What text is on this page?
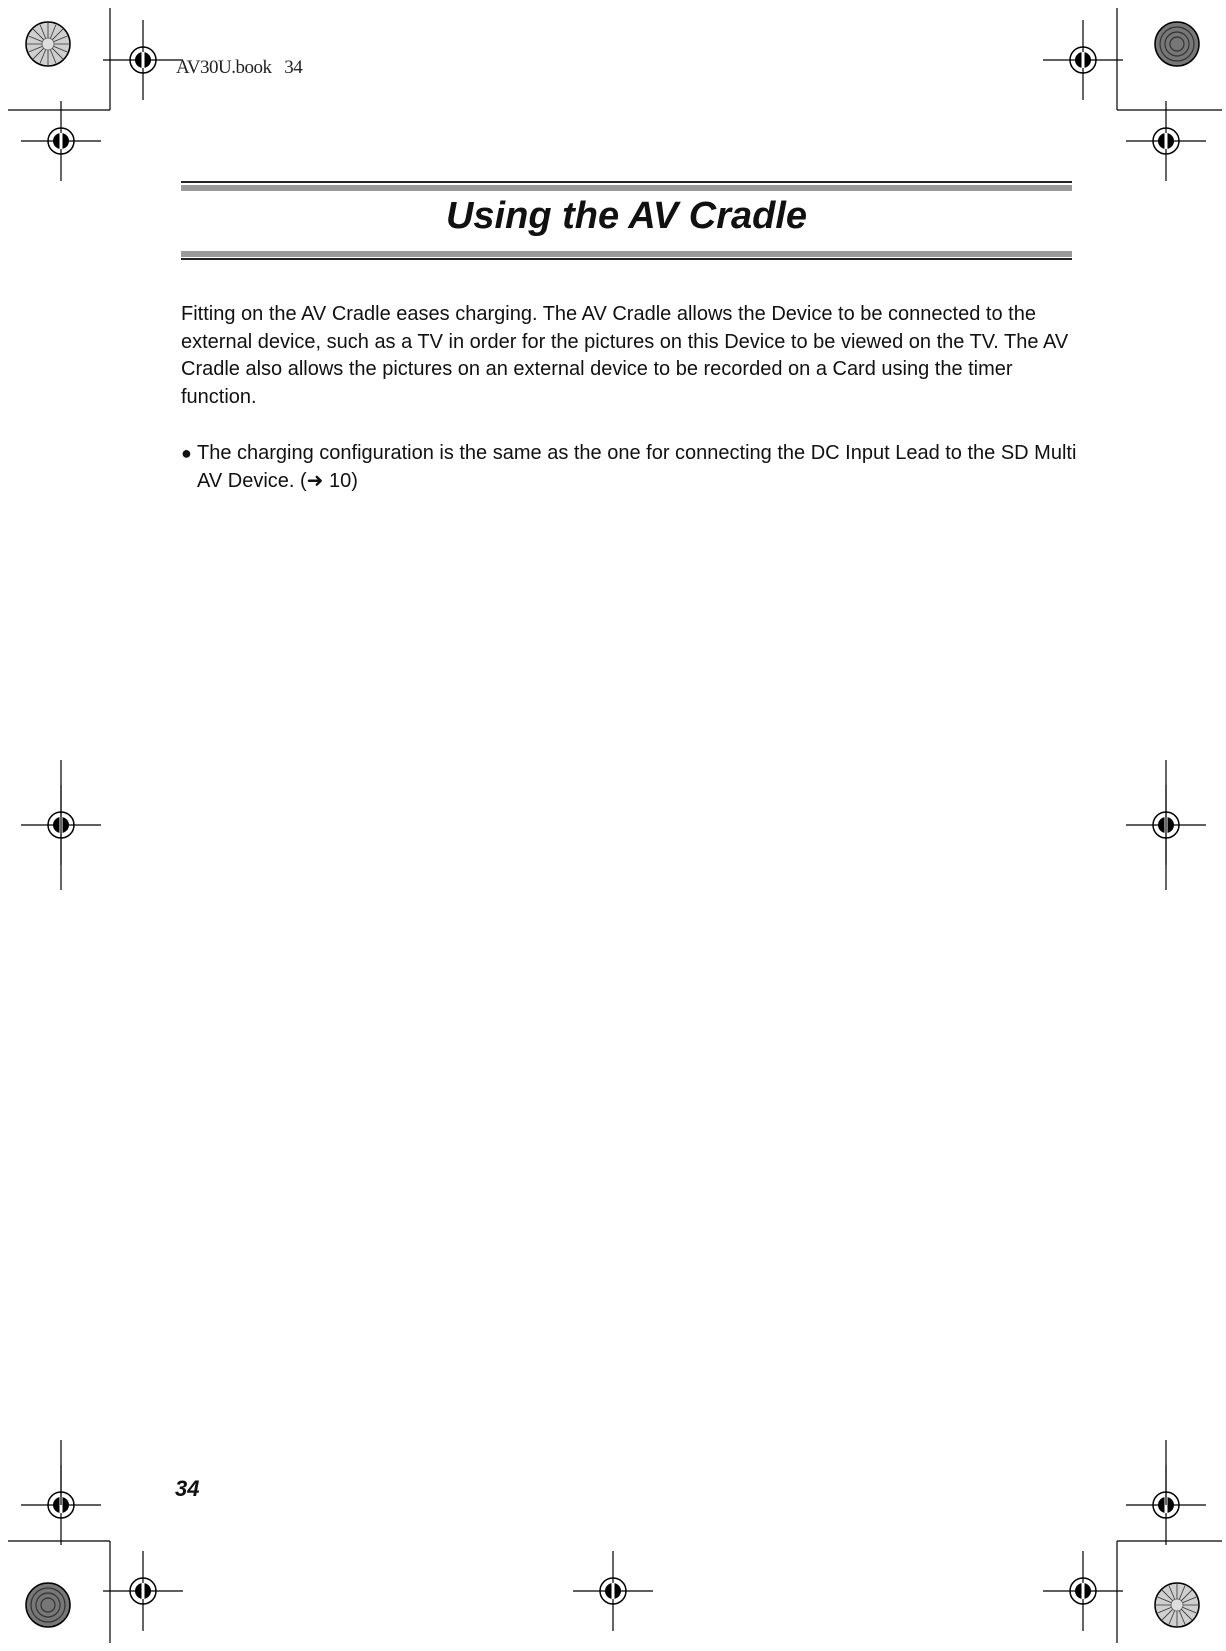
AV30U.book   34
Using the AV Cradle

Fitting on the AV Cradle eases charging. The AV Cradle allows the Device to be connected to the external device, such as a TV in order for the pictures on this Device to be viewed on the TV. The AV Cradle also allows the pictures on an external device to be recorded on a Card using the timer function.

● The charging configuration is the same as the one for connecting the DC Input Lead to the SD Multi AV Device. (➜ 10)

34
